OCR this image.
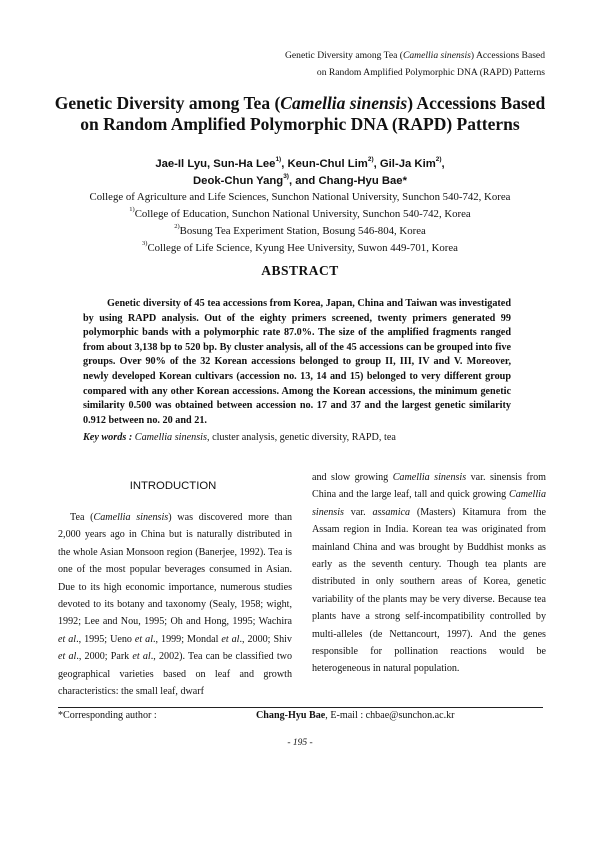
Genetic Diversity among Tea (Camellia sinensis) Accessions Based
on Random Amplified Polymorphic DNA (RAPD) Patterns
Genetic Diversity among Tea (Camellia sinensis) Accessions Based
on Random Amplified Polymorphic DNA (RAPD) Patterns
Jae-Il Lyu, Sun-Ha Lee$^{1)}$, Keun-Chul Lim$^{2)}$, Gil-Ja Kim$^{2)}$,
Deok-Chun Yang$^{3)}$, and Chang-Hyu Bae*
College of Agriculture and Life Sciences, Sunchon National University, Sunchon 540-742, Korea
$^{1)}$College of Education, Sunchon National University, Sunchon 540-742, Korea
$^{2)}$Bosung Tea Experiment Station, Bosung 546-804, Korea
$^{3)}$College of Life Science, Kyung Hee University, Suwon 449-701, Korea
ABSTRACT

Genetic diversity of 45 tea accessions from Korea, Japan, China and Taiwan was investigated by using RAPD analysis. Out of the eighty primers screened, twenty primers generated 99 polymorphic bands with a polymorphic rate 87.0%. The size of the amplified fragments ranged from about 3,138 bp to 520 bp. By cluster analysis, all of the 45 accessions can be grouped into five groups. Over 90% of the 32 Korean accessions belonged to group II, III, IV and V. Moreover, newly developed Korean cultivars (accession no. 13, 14 and 15) belonged to very different group compared with any other Korean accessions. Among the Korean accessions, the minimum genetic similarity 0.500 was obtained between accession no. 17 and 37 and the largest genetic similarity 0.912 between no. 20 and 21.

Key words : Camellia sinensis, cluster analysis, genetic diversity, RAPD, tea
INTRODUCTION

Tea (Camellia sinensis) was discovered more than 2,000 years ago in China but is naturally distributed in the whole Asian Monsoon region (Banerjee, 1992). Tea is one of the most popular beverages consumed in Asian. Due to its high economic importance, numerous studies devoted to its botany and taxonomy (Sealy, 1958; wight, 1992; Lee and Nou, 1995; Oh and Hong, 1995; Wachira et al., 1995; Ueno et al., 1999; Mondal et al., 2000; Shiv et al., 2000; Park et al., 2002). Tea can be classified two geographical varieties based on leaf and growth characteristics: the small leaf, dwarf

and slow growing Camellia sinensis var. sinensis from China and the large leaf, tall and quick growing Camellia sinensis var. assamica (Masters) Kitamura from the Assam region in India. Korean tea was originated from mainland China and was brought by Buddhist monks as early as the seventh century. Though tea plants are distributed in only southern areas of Korea, genetic variability of the plants may be very diverse. Because tea plants have a strong self-incompatibility controlled by multi-alleles (de Nettancourt, 1997). And the genes responsible for pollination reactions would be heterogeneous in natural population.

*Corresponding author :	Chang-Hyu Bae, E-mail : chbae@sunchon.ac.kr
- 195 -
